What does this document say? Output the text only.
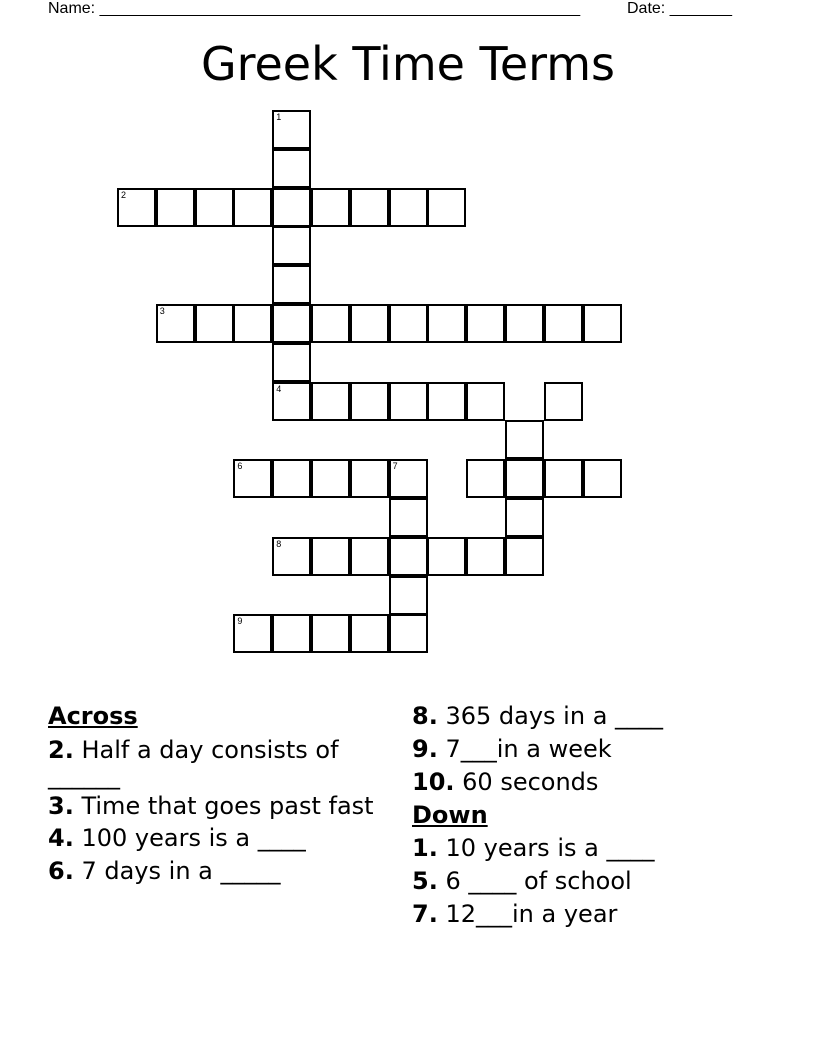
Name: ______________________________________________________	Date: _______
Greek Time Terms
1
2
3
4
6	7
8
9
Across
2. Half a day consists of ______
3. Time that goes past fast
4. 100 years is a ____
6. 7 days in a _____
8. 365 days in a ____
9. 7___in a week
10. 60 seconds
Down
1. 10 years is a ____
5. 6 ____ of school
7. 12___in a year
